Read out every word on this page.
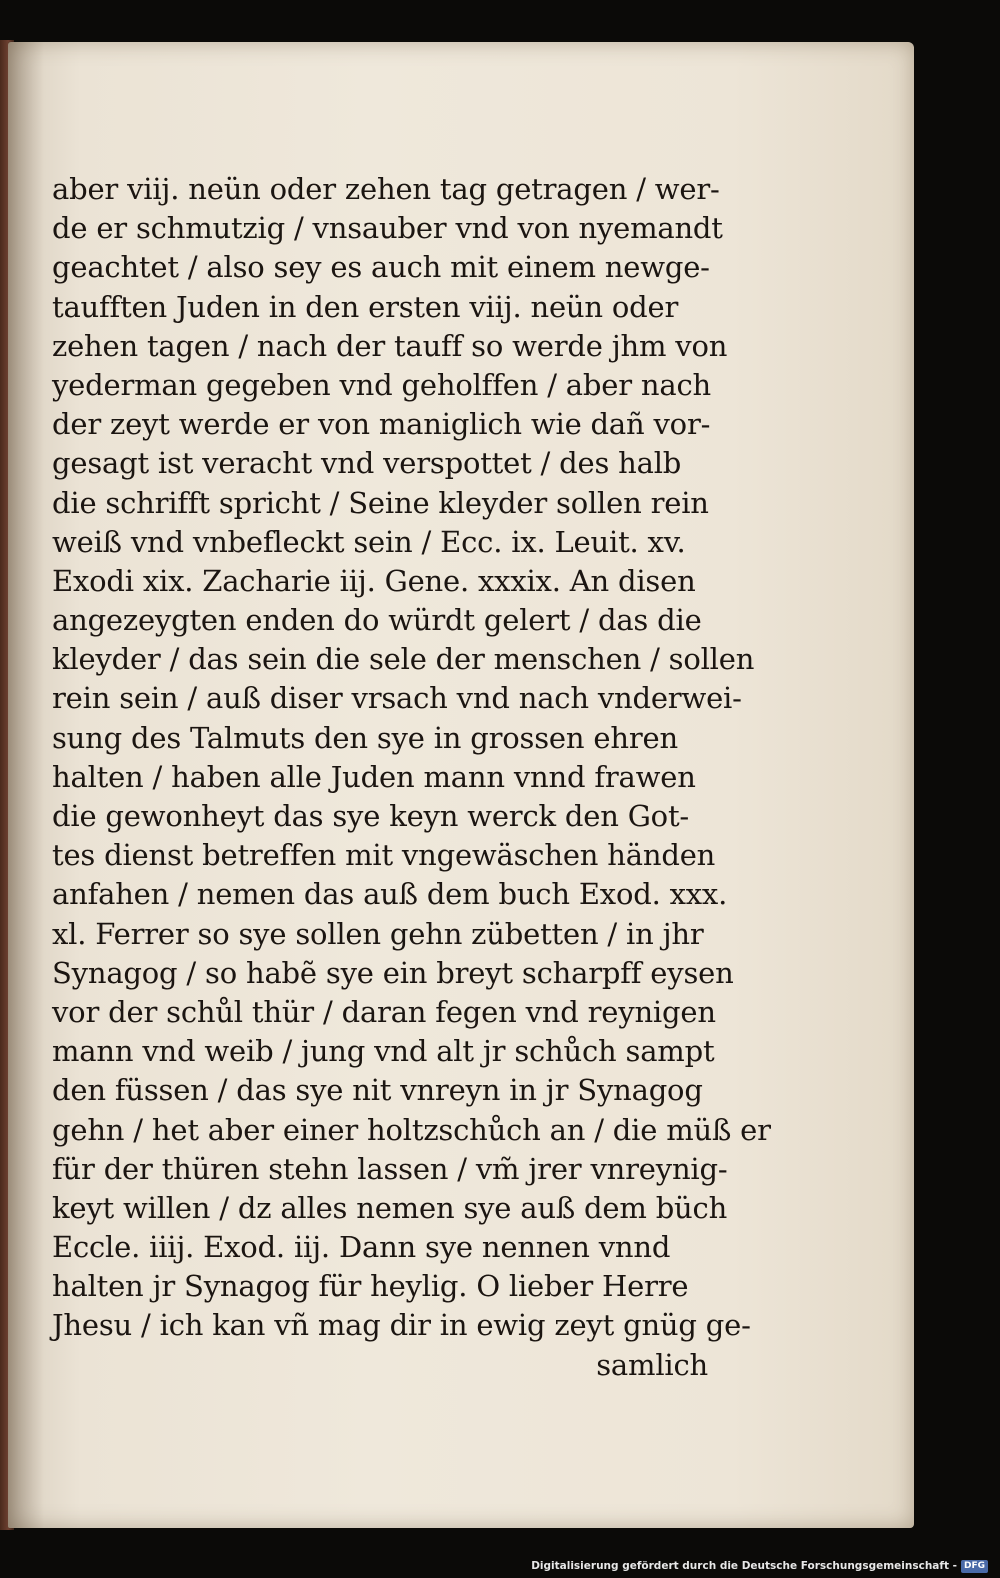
aber viij. neün oder zehen tag getragen / wer-
de er schmutzig / vnsauber vnd von nyemandt
geachtet / also sey es auch mit einem newge-
taufften Juden in den ersten viij. neün oder
zehen tagen / nach der tauff so werde jhm von
yederman gegeben vnd geholffen / aber nach
der zeyt werde er von maniglich wie dañ vor-
gesagt ist veracht vnd verspottet / des halb
die schrifft spricht / Seine kleyder sollen rein
weiß vnd vnbefleckt sein / Ecc. ix. Leuit. xv.
Exodi xix. Zacharie iij. Gene. xxxix. An disen
angezeygten enden do würdt gelert / das die
kleyder / das sein die sele der menschen / sollen
rein sein / auß diser vrsach vnd nach vnderwei-
sung des Talmuts den sye in grossen ehren
halten / haben alle Juden mann vnnd frawen
die gewonheyt das sye keyn werck den Got-
tes dienst betreffen mit vngewäschen händen
anfahen / nemen das auß dem buch Exod. xxx.
xl. Ferrer so sye sollen gehn zübetten / in jhr
Synagog / so habẽ sye ein breyt scharpff eysen
vor der schůl thür / daran fegen vnd reynigen
mann vnd weib / jung vnd alt jr schůch sampt
den füssen / das sye nit vnreyn in jr Synagog
gehn / het aber einer holtzschůch an / die müß er
für der thüren stehn lassen / vm̃ jrer vnreynig-
keyt willen / dz alles nemen sye auß dem büch
Eccle. iiij. Exod. iij. Dann sye nennen vnnd
halten jr Synagog für heylig. O lieber Herre
Jhesu / ich kan vñ mag dir in ewig zeyt gnüg ge-
samlich
Digitalisierung gefördert durch die Deutsche Forschungsgemeinschaft - DFG
